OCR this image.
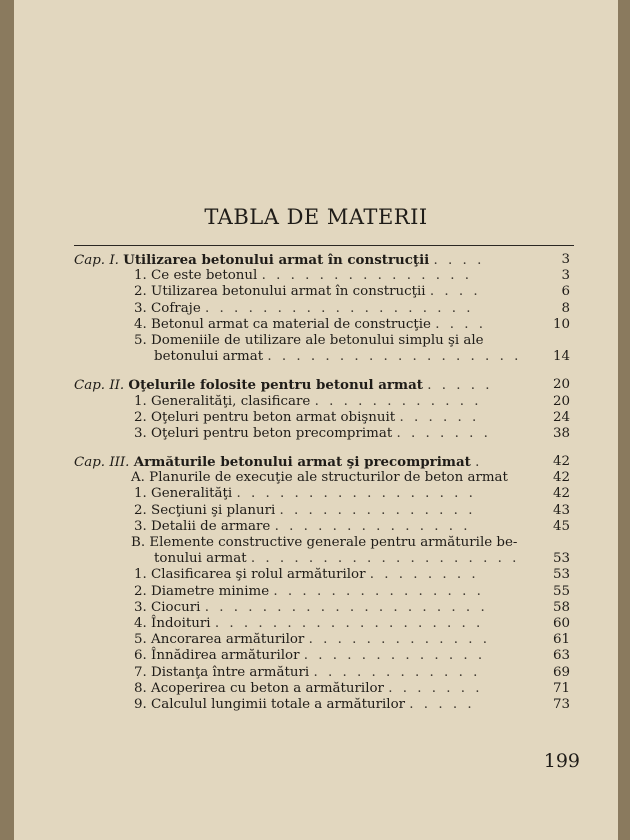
TABLA DE MATERII
Cap. I. Utilizarea betonului armat în construcţii . . . .	3
1. Ce este betonul . . . . . . . . . . . . . . .	3
2. Utilizarea betonului armat în construcţii . . . .	6
3. Cofraje . . . . . . . . . . . . . . . . . . .	8
4. Betonul armat ca material de construcţie . . . .	10
5. Domeniile de utilizare ale betonului simplu şi ale
betonului armat . . . . . . . . . . . . . . . . . .	14
Cap. II. Oţelurile folosite pentru betonul armat . . . . .	20
1. Generalităţi, clasificare . . . . . . . . . . . .	20
2. Oţeluri pentru beton armat obişnuit . . . . . .	24
3. Oţeluri pentru beton precomprimat . . . . . . .	38
Cap. III. Armăturile betonului armat şi precomprimat .	42
A. Planurile de execuţie ale structurilor de beton armat	42
1. Generalităţi . . . . . . . . . . . . . . . . .	42
2. Secţiuni şi planuri . . . . . . . . . . . . . .	43
3. Detalii de armare . . . . . . . . . . . . . .	45
B. Elemente constructive generale pentru armăturile be-
tonului armat . . . . . . . . . . . . . . . . . . .	53
1. Clasificarea şi rolul armăturilor . . . . . . . .	53
2. Diametre minime . . . . . . . . . . . . . . .	55
3. Ciocuri . . . . . . . . . . . . . . . . . . . .	58
4. Îndoituri . . . . . . . . . . . . . . . . . . .	60
5. Ancorarea armăturilor . . . . . . . . . . . . .	61
6. Înnădirea armăturilor . . . . . . . . . . . . .	63
7. Distanţa între armături . . . . . . . . . . . .	69
8. Acoperirea cu beton a armăturilor . . . . . . .	71
9. Calculul lungimii totale a armăturilor . . . . .	73
199
